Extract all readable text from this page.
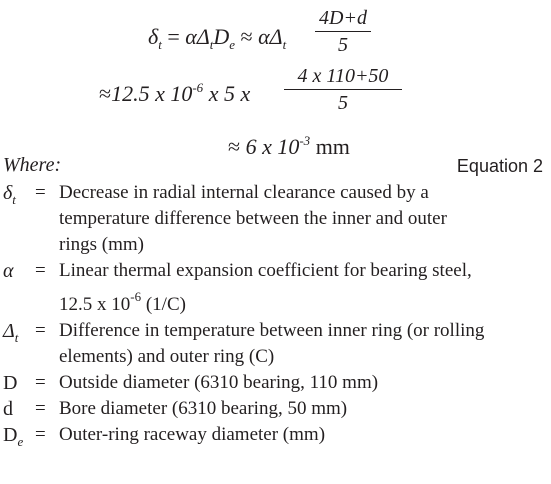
$\delta_t = \alpha\Delta_tD_e \approx \alpha\Delta_t$
4D+d
5
≈12.5 x $10^{-6}$ x 5 x
4 x 110+50
5
≈ 6 x $10^{-3}$ mm
Where:	Equation 2
$\delta_t$ = Decrease in radial internal clearance caused by a
temperature difference between the inner and outer
rings (mm)
α = Linear thermal expansion coefficient for bearing steel,
12.5 x $10^{-6}$ (1/C)
$\Delta_t$ = Difference in temperature between inner ring (or rolling
elements) and outer ring (C)
D = Outside diameter (6310 bearing, 110 mm)
d = Bore diameter (6310 bearing, 50 mm)
$D_e$ = Outer-ring raceway diameter (mm)
